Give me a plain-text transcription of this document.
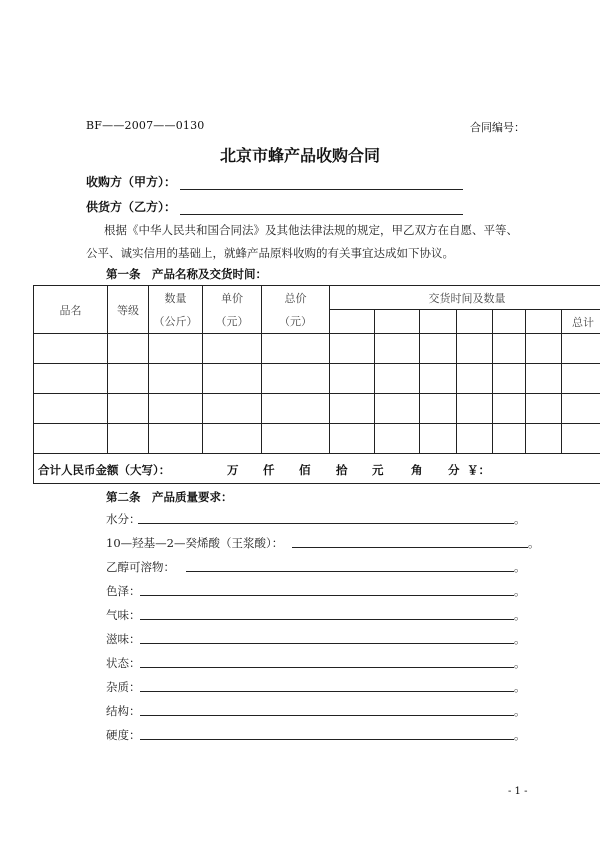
BF——2007——0130	合同编号：
北京市蜂产品收购合同
收购方（甲方）：
供货方（乙方）：
根据《中华人民共和国合同法》及其他法律法规的规定，甲乙双方在自愿、平等、
公平、诚实信用的基础上，就蜂产品原料收购的有关事宜达成如下协议。
第一条　产品名称及交货时间：
品名	等级	数量	单价	总价	交货时间及数量						
		（公斤）	（元）	（元）							总计

合计人民币金额（大写）：	万 仟 佰 拾 元 角 分 ￥：
第二条　产品质量要求：
水分：	。
10—羟基—2—癸烯酸（王浆酸）：	。
乙醇可溶物：	。
色泽：	。
气味：	。
滋味：	。
状态：	。
杂质：	。
结构：	。
硬度：	。
- 1 -
